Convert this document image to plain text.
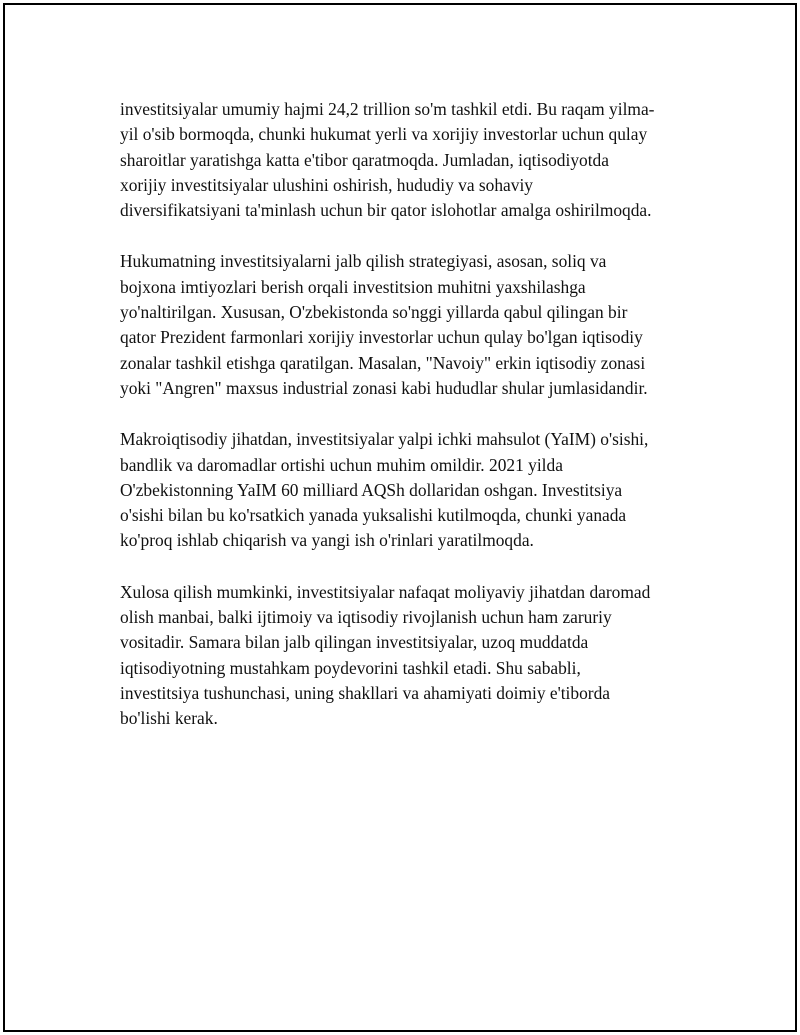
investitsiyalar umumiy hajmi 24,2 trillion so'm tashkil etdi. Bu raqam yilma-
yil o'sib bormoqda, chunki hukumat yerli va xorijiy investorlar uchun qulay
sharoitlar yaratishga katta e'tibor qaratmoqda. Jumladan, iqtisodiyotda
xorijiy investitsiyalar ulushini oshirish, hududiy va sohaviy
diversifikatsiyani ta'minlash uchun bir qator islohotlar amalga oshirilmoqda.

Hukumatning investitsiyalarni jalb qilish strategiyasi, asosan, soliq va
bojxona imtiyozlari berish orqali investitsion muhitni yaxshilashga
yo'naltirilgan. Xususan, O'zbekistonda so'nggi yillarda qabul qilingan bir
qator Prezident farmonlari xorijiy investorlar uchun qulay bo'lgan iqtisodiy
zonalar tashkil etishga qaratilgan. Masalan, "Navoiy" erkin iqtisodiy zonasi
yoki "Angren" maxsus industrial zonasi kabi hududlar shular jumlasidandir.

Makroiqtisodiy jihatdan, investitsiyalar yalpi ichki mahsulot (YaIM) o'sishi,
bandlik va daromadlar ortishi uchun muhim omildir. 2021 yilda
O'zbekistonning YaIM 60 milliard AQSh dollaridan oshgan. Investitsiya
o'sishi bilan bu ko'rsatkich yanada yuksalishi kutilmoqda, chunki yanada
ko'proq ishlab chiqarish va yangi ish o'rinlari yaratilmoqda.

Xulosa qilish mumkinki, investitsiyalar nafaqat moliyaviy jihatdan daromad
olish manbai, balki ijtimoiy va iqtisodiy rivojlanish uchun ham zaruriy
vositadir. Samara bilan jalb qilingan investitsiyalar, uzoq muddatda
iqtisodiyotning mustahkam poydevorini tashkil etadi. Shu sababli,
investitsiya tushunchasi, uning shakllari va ahamiyati doimiy e'tiborda
bo'lishi kerak.
